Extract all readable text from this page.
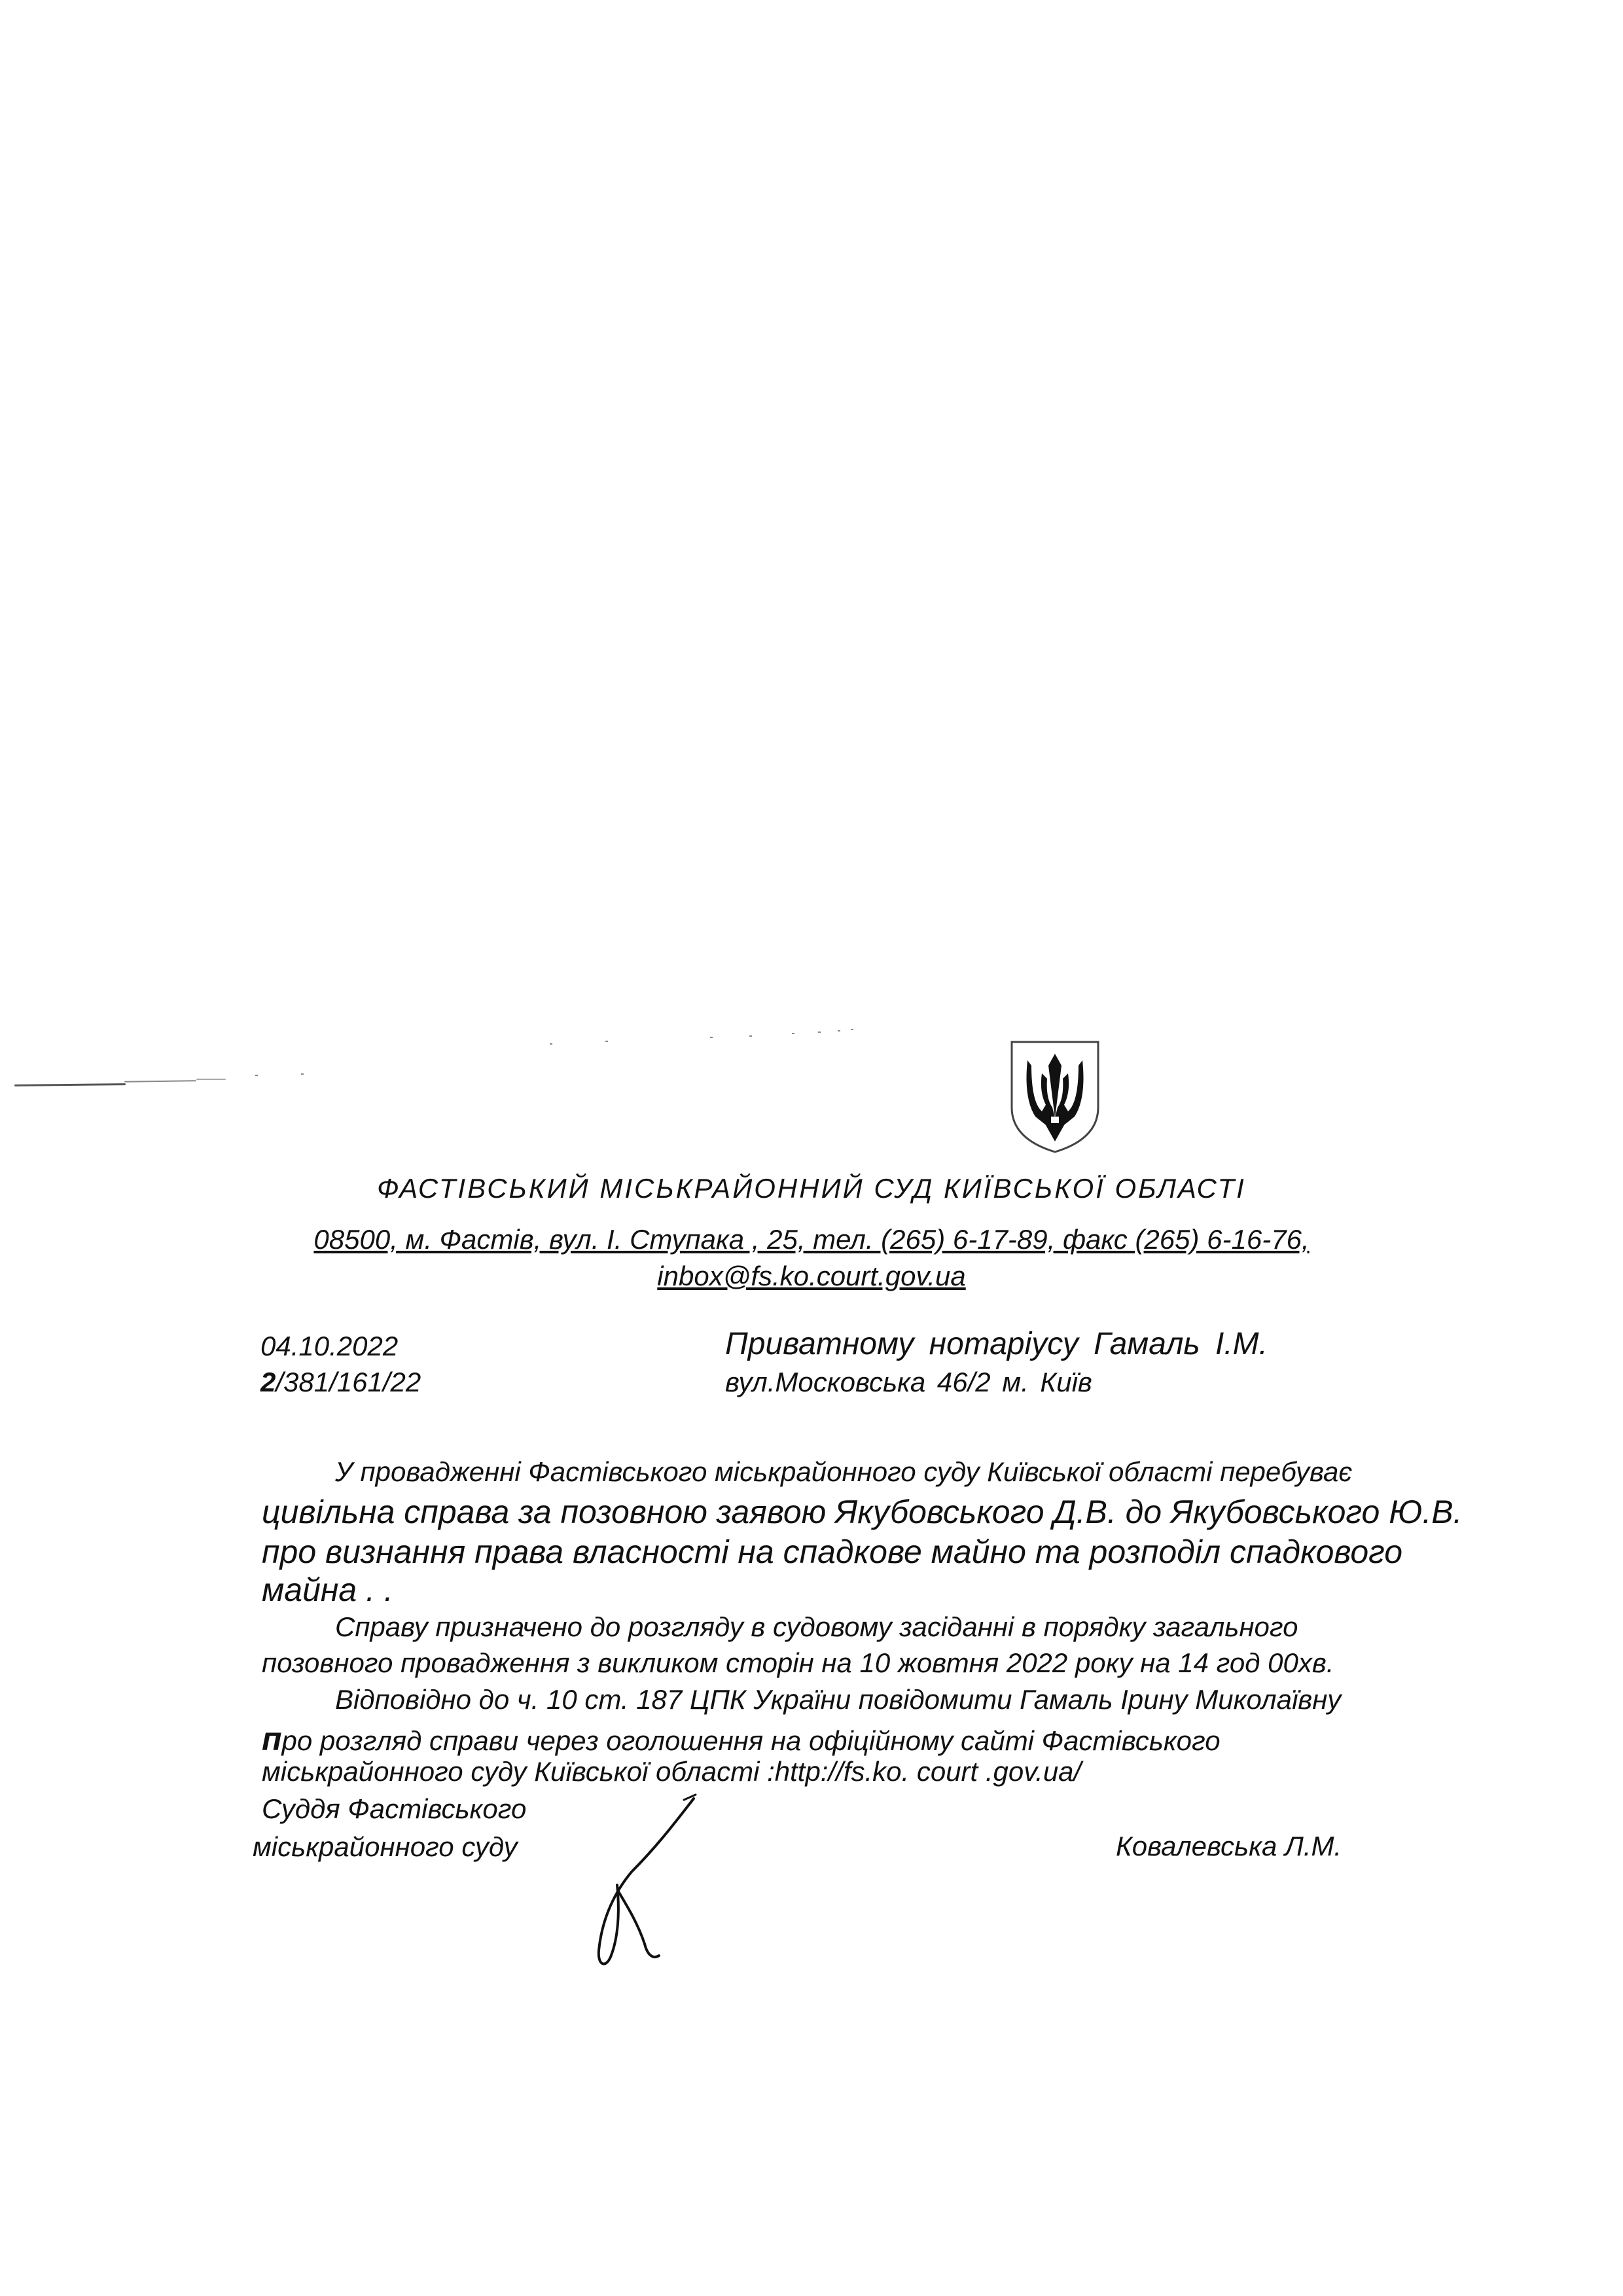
ФАСТІВСЬКИЙ МІСЬКРАЙОННИЙ СУД КИЇВСЬКОЇ ОБЛАСТІ
08500, м. Фастів, вул. І. Ступака , 25, тел. (265) 6-17-89, факс (265) 6-16-76,
inbox@fs.ko.court.gov.ua
04.10.2022
2/381/161/22
Приватному нотаріусу Гамаль І.М.
вул.Московська 46/2 м. Київ
У провадженні Фастівського міськрайонного суду Київської області перебуває
цивільна справа за позовною заявою Якубовського Д.В. до Якубовського Ю.В.
про визнання права власності на спадкове майно та розподіл спадкового
майна . .
Справу призначено до розгляду в судовому засіданні в порядку загального
позовного провадження з викликом сторін на 10 жовтня 2022 року на 14 год 00хв.
Відповідно до ч. 10 ст. 187 ЦПК України повідомити Гамаль Ірину Миколаївну
про розгляд справи через оголошення на офіційному сайті Фастівського
міськрайонного суду Київської області :http://fs.ko. court .gov.ua/
Суддя Фастівського
міськрайонного суду	Ковалевська Л.М.
